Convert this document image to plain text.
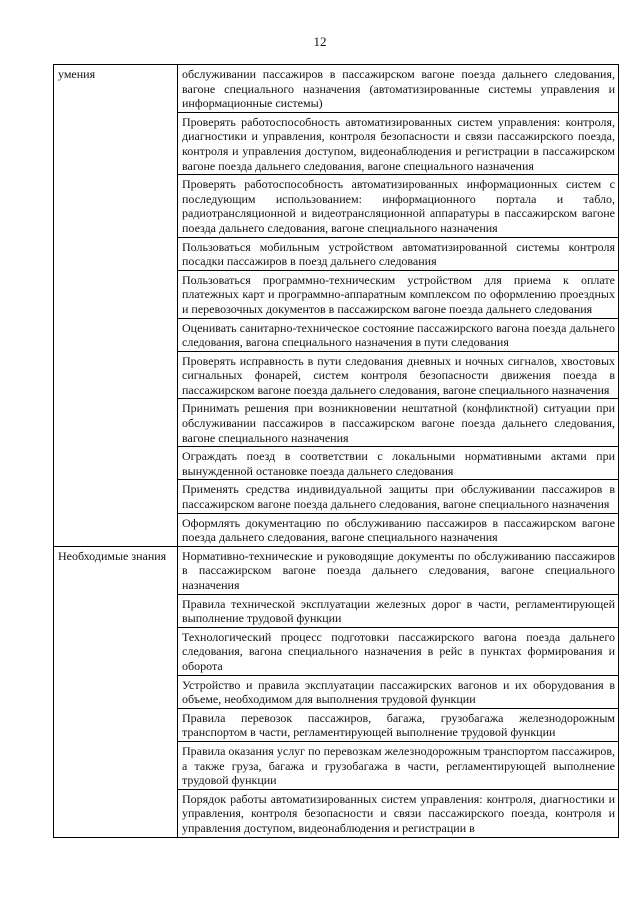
12
умения	обслуживании пассажиров в пассажирском вагоне поезда дальнего следования, вагоне специального назначения (автоматизированные системы управления и информационные системы)
	Проверять работоспособность автоматизированных систем управления: контроля, диагностики и управления, контроля безопасности и связи пассажирского поезда, контроля и управления доступом, видеонаблюдения и регистрации в пассажирском вагоне поезда дальнего следования, вагоне специального назначения
	Проверять работоспособность автоматизированных информационных систем с последующим использованием: информационного портала и табло, радиотрансляционной и видеотрансляционной аппаратуры в пассажирском вагоне поезда дальнего следования, вагоне специального назначения
	Пользоваться мобильным устройством автоматизированной системы контроля посадки пассажиров в поезд дальнего следования
	Пользоваться программно-техническим устройством для приема к оплате платежных карт и программно-аппаратным комплексом по оформлению проездных и перевозочных документов в пассажирском вагоне поезда дальнего следования
	Оценивать санитарно-техническое состояние пассажирского вагона поезда дальнего следования, вагона специального назначения в пути следования
	Проверять исправность в пути следования дневных и ночных сигналов, хвостовых сигнальных фонарей, систем контроля безопасности движения поезда в пассажирском вагоне поезда дальнего следования, вагоне специального назначения
	Принимать решения при возникновении нештатной (конфликтной) ситуации при обслуживании пассажиров в пассажирском вагоне поезда дальнего следования, вагоне специального назначения
	Ограждать поезд в соответствии с локальными нормативными актами при вынужденной остановке поезда дальнего следования
	Применять средства индивидуальной защиты при обслуживании пассажиров в пассажирском вагоне поезда дальнего следования, вагоне специального назначения
	Оформлять документацию по обслуживанию пассажиров в пассажирском вагоне поезда дальнего следования, вагоне специального назначения
Необходимые знания	Нормативно-технические и руководящие документы по обслуживанию пассажиров в пассажирском вагоне поезда дальнего следования, вагоне специального назначения
	Правила технической эксплуатации железных дорог в части, регламентирующей выполнение трудовой функции
	Технологический процесс подготовки пассажирского вагона поезда дальнего следования, вагона специального назначения в рейс в пунктах формирования и оборота
	Устройство и правила эксплуатации пассажирских вагонов и их оборудования в объеме, необходимом для выполнения трудовой функции
	Правила перевозок пассажиров, багажа, грузобагажа железнодорожным транспортом в части, регламентирующей выполнение трудовой функции
	Правила оказания услуг по перевозкам железнодорожным транспортом пассажиров, а также груза, багажа и грузобагажа в части, регламентирующей выполнение трудовой функции
	Порядок работы автоматизированных систем управления: контроля, диагностики и управления, контроля безопасности и связи пассажирского поезда, контроля и управления доступом, видеонаблюдения и регистрации в
